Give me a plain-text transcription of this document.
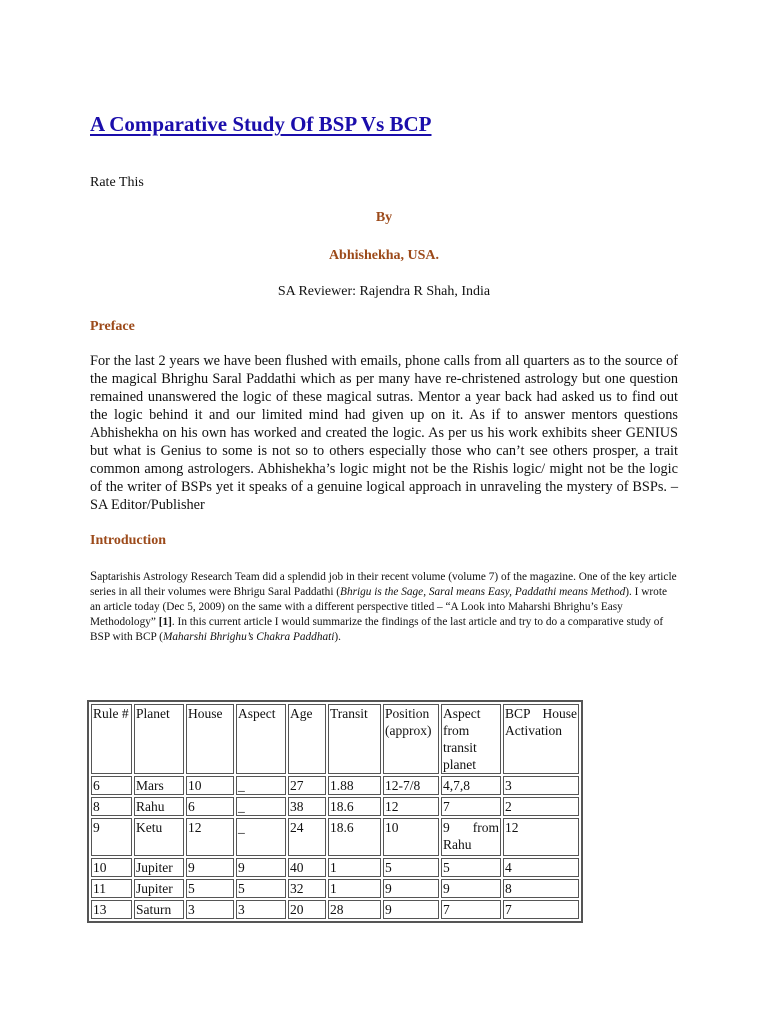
A Comparative Study Of BSP Vs BCP
Rate This
By
Abhishekha, USA.
SA Reviewer: Rajendra R Shah, India
Preface

For the last 2 years we have been flushed with emails, phone calls from all quarters as to the source of the magical Bhrighu Saral Paddathi which as per many have re-christened astrology but one question remained unanswered the logic of these magical sutras. Mentor a year back had asked us to find out the logic behind it and our limited mind had given up on it. As if to answer mentors questions Abhishekha on his own has worked and created the logic. As per us his work exhibits sheer GENIUS but what is Genius to some is not so to others especially those who can’t see others prosper, a trait common among astrologers. Abhishekha’s logic might not be the Rishis logic/ might not be the logic of the writer of BSPs yet it speaks of a genuine logical approach in unraveling the mystery of BSPs. – SA Editor/Publisher

Introduction

Saptarishis Astrology Research Team did a splendid job in their recent volume (volume 7) of the magazine. One of the key article series in all their volumes were Bhrigu Saral Paddathi (Bhrigu is the Sage, Saral means Easy, Paddathi means Method). I wrote an article today (Dec 5, 2009) on the same with a different perspective titled – “A Look into Maharshi Bhrighu’s Easy Methodology” [1]. In this current article I would summarize the findings of the last article and try to do a comparative study of BSP with BCP (Maharshi Bhrighu’s Chakra Paddhati).

Rule #	Planet	House	Aspect	Age	Transit	Position (approx)	Aspect from transit planet	BCP House Activation
6	Mars	10	_	27	1.88	12-7/8	4,7,8	3
8	Rahu	6	_	38	18.6	12	7	2
9	Ketu	12	_	24	18.6	10	9 from Rahu	12
10	Jupiter	9	9	40	1	5	5	4
11	Jupiter	5	5	32	1	9	9	8
13	Saturn	3	3	20	28	9	7	7
